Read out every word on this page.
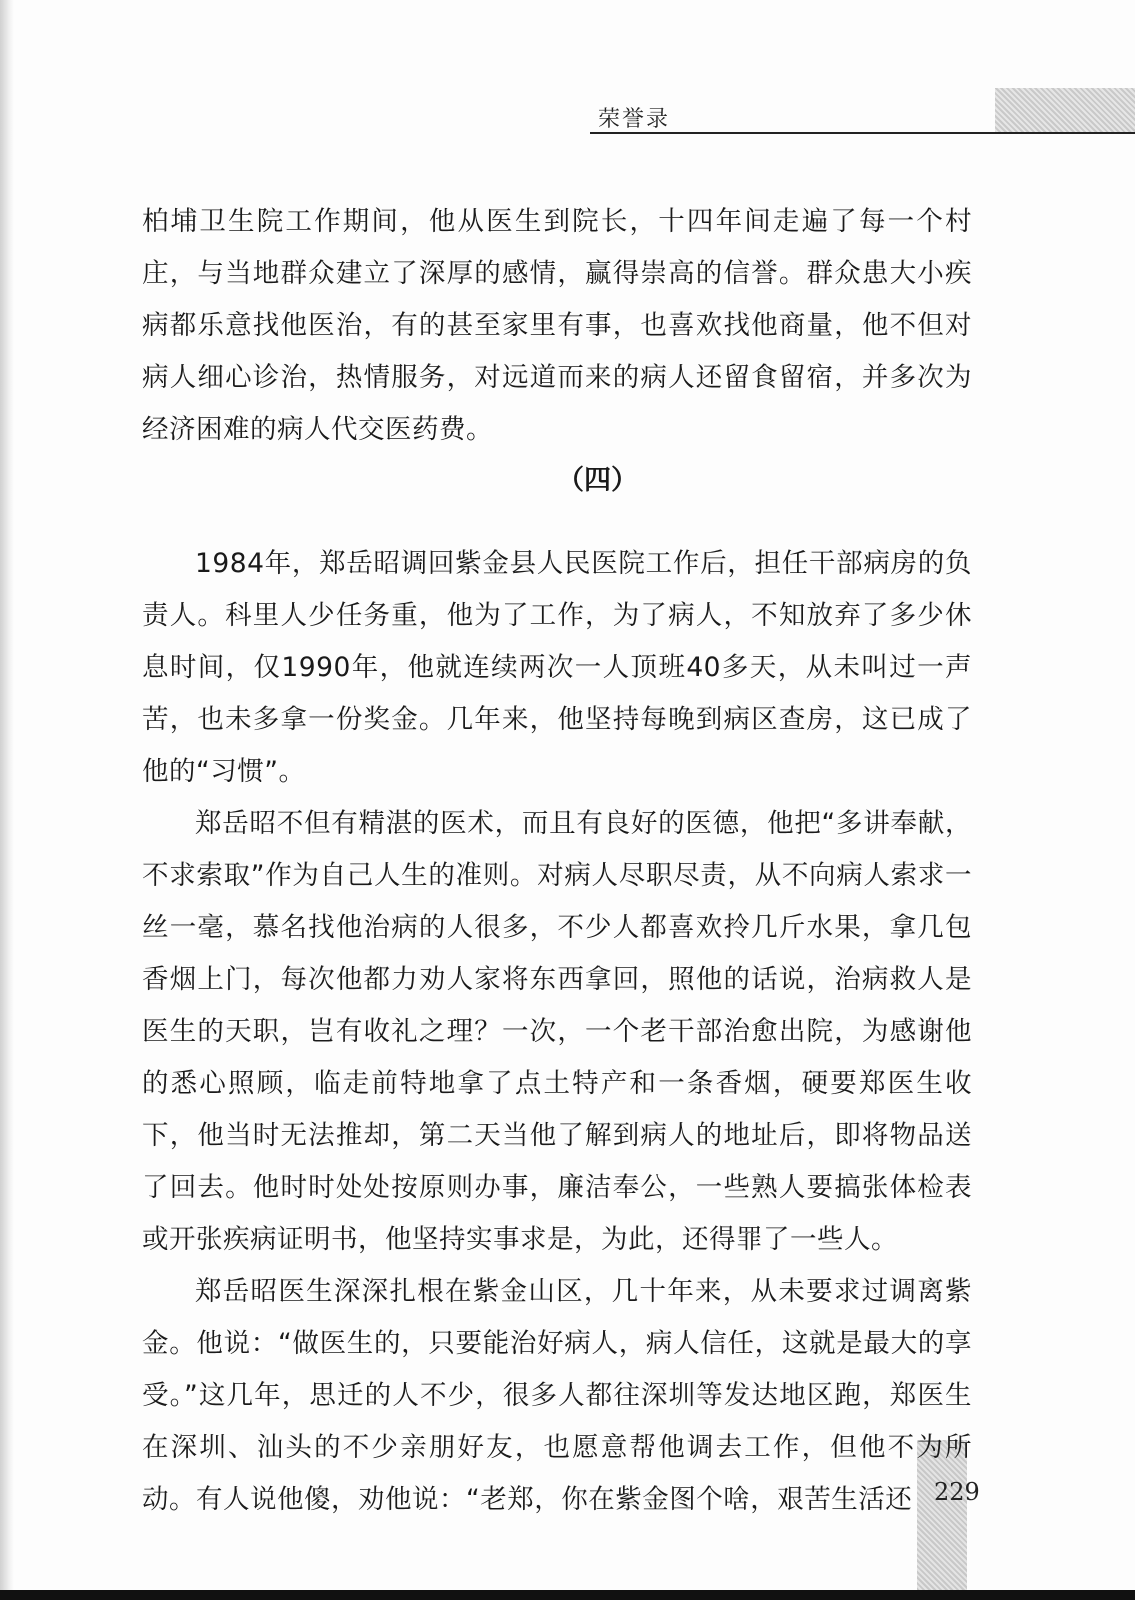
荣誉录

柏埔卫生院工作期间，他从医生到院长，十四年间走遍了每一个村庄，与当地群众建立了深厚的感情，赢得崇高的信誉。群众患大小疾病都乐意找他医治，有的甚至家里有事，也喜欢找他商量，他不但对病人细心诊治，热情服务，对远道而来的病人还留食留宿，并多次为经济困难的病人代交医药费。

（四）

1984年，郑岳昭调回紫金县人民医院工作后，担任干部病房的负责人。科里人少任务重，他为了工作，为了病人，不知放弃了多少休息时间，仅1990年，他就连续两次一人顶班40多天，从未叫过一声苦，也未多拿一份奖金。几年来，他坚持每晚到病区查房，这已成了他的“习惯”。

郑岳昭不但有精湛的医术，而且有良好的医德，他把“多讲奉献，不求索取”作为自己人生的准则。对病人尽职尽责，从不向病人索求一丝一毫，慕名找他治病的人很多，不少人都喜欢拎几斤水果，拿几包香烟上门，每次他都力劝人家将东西拿回，照他的话说，治病救人是医生的天职，岂有收礼之理？一次，一个老干部治愈出院，为感谢他的悉心照顾，临走前特地拿了点土特产和一条香烟，硬要郑医生收下，他当时无法推却，第二天当他了解到病人的地址后，即将物品送了回去。他时时处处按原则办事，廉洁奉公，一些熟人要搞张体检表或开张疾病证明书，他坚持实事求是，为此，还得罪了一些人。

郑岳昭医生深深扎根在紫金山区，几十年来，从未要求过调离紫金。他说：“做医生的，只要能治好病人，病人信任，这就是最大的享受。”这几年，思迁的人不少，很多人都往深圳等发达地区跑，郑医生在深圳、汕头的不少亲朋好友，也愿意帮他调去工作，但他不为所动。有人说他傻，劝他说：“老郑，你在紫金图个啥，艰苦生活还 229
